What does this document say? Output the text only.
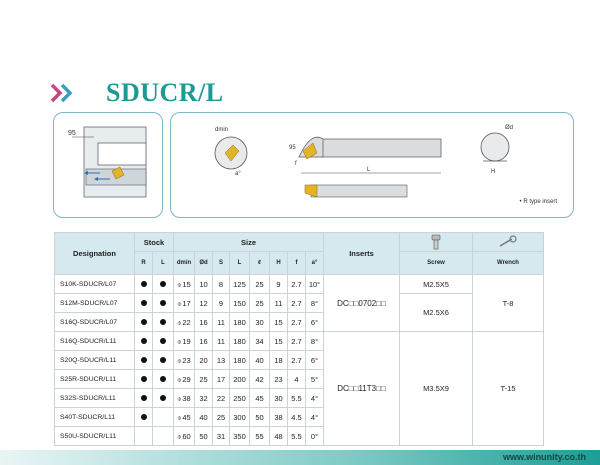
SDUCR/L
95	dmin
a°
95
f
L
Ød
H
• R type insert
Designation	Stock		Size								Inserts	

	R	L	dmin	Ød	S	L	ℓ	H	f	a°		Screw	Wrench
S10K-SDUCR/L07			Φ15	10	8	125	25	9	2.7	10°	DC□□0702□□	M2.5X5	T-8
S12M-SDUCR/L07			Φ17	12	9	150	25	11	2.7	8°		M2.5X6	
S16Q-SDUCR/L07			Φ22	16	11	180	30	15	2.7	6°			
S16Q-SDUCR/L11			Φ19	16	11	180	34	15	2.7	8°	DC□□11T3□□	M3.5X9	T-15
S20Q-SDUCR/L11			Φ23	20	13	180	40	18	2.7	6°			
S25R-SDUCR/L11			Φ29	25	17	200	42	23	4	5°			
S32S-SDUCR/L11			Φ38	32	22	250	45	30	5.5	4°			
S40T-SDUCR/L11			Φ45	40	25	300	50	38	4.5	4°			
S50U-SDUCR/L11			Φ60	50	31	350	55	48	5.5	0°			
www.winunity.co.th
